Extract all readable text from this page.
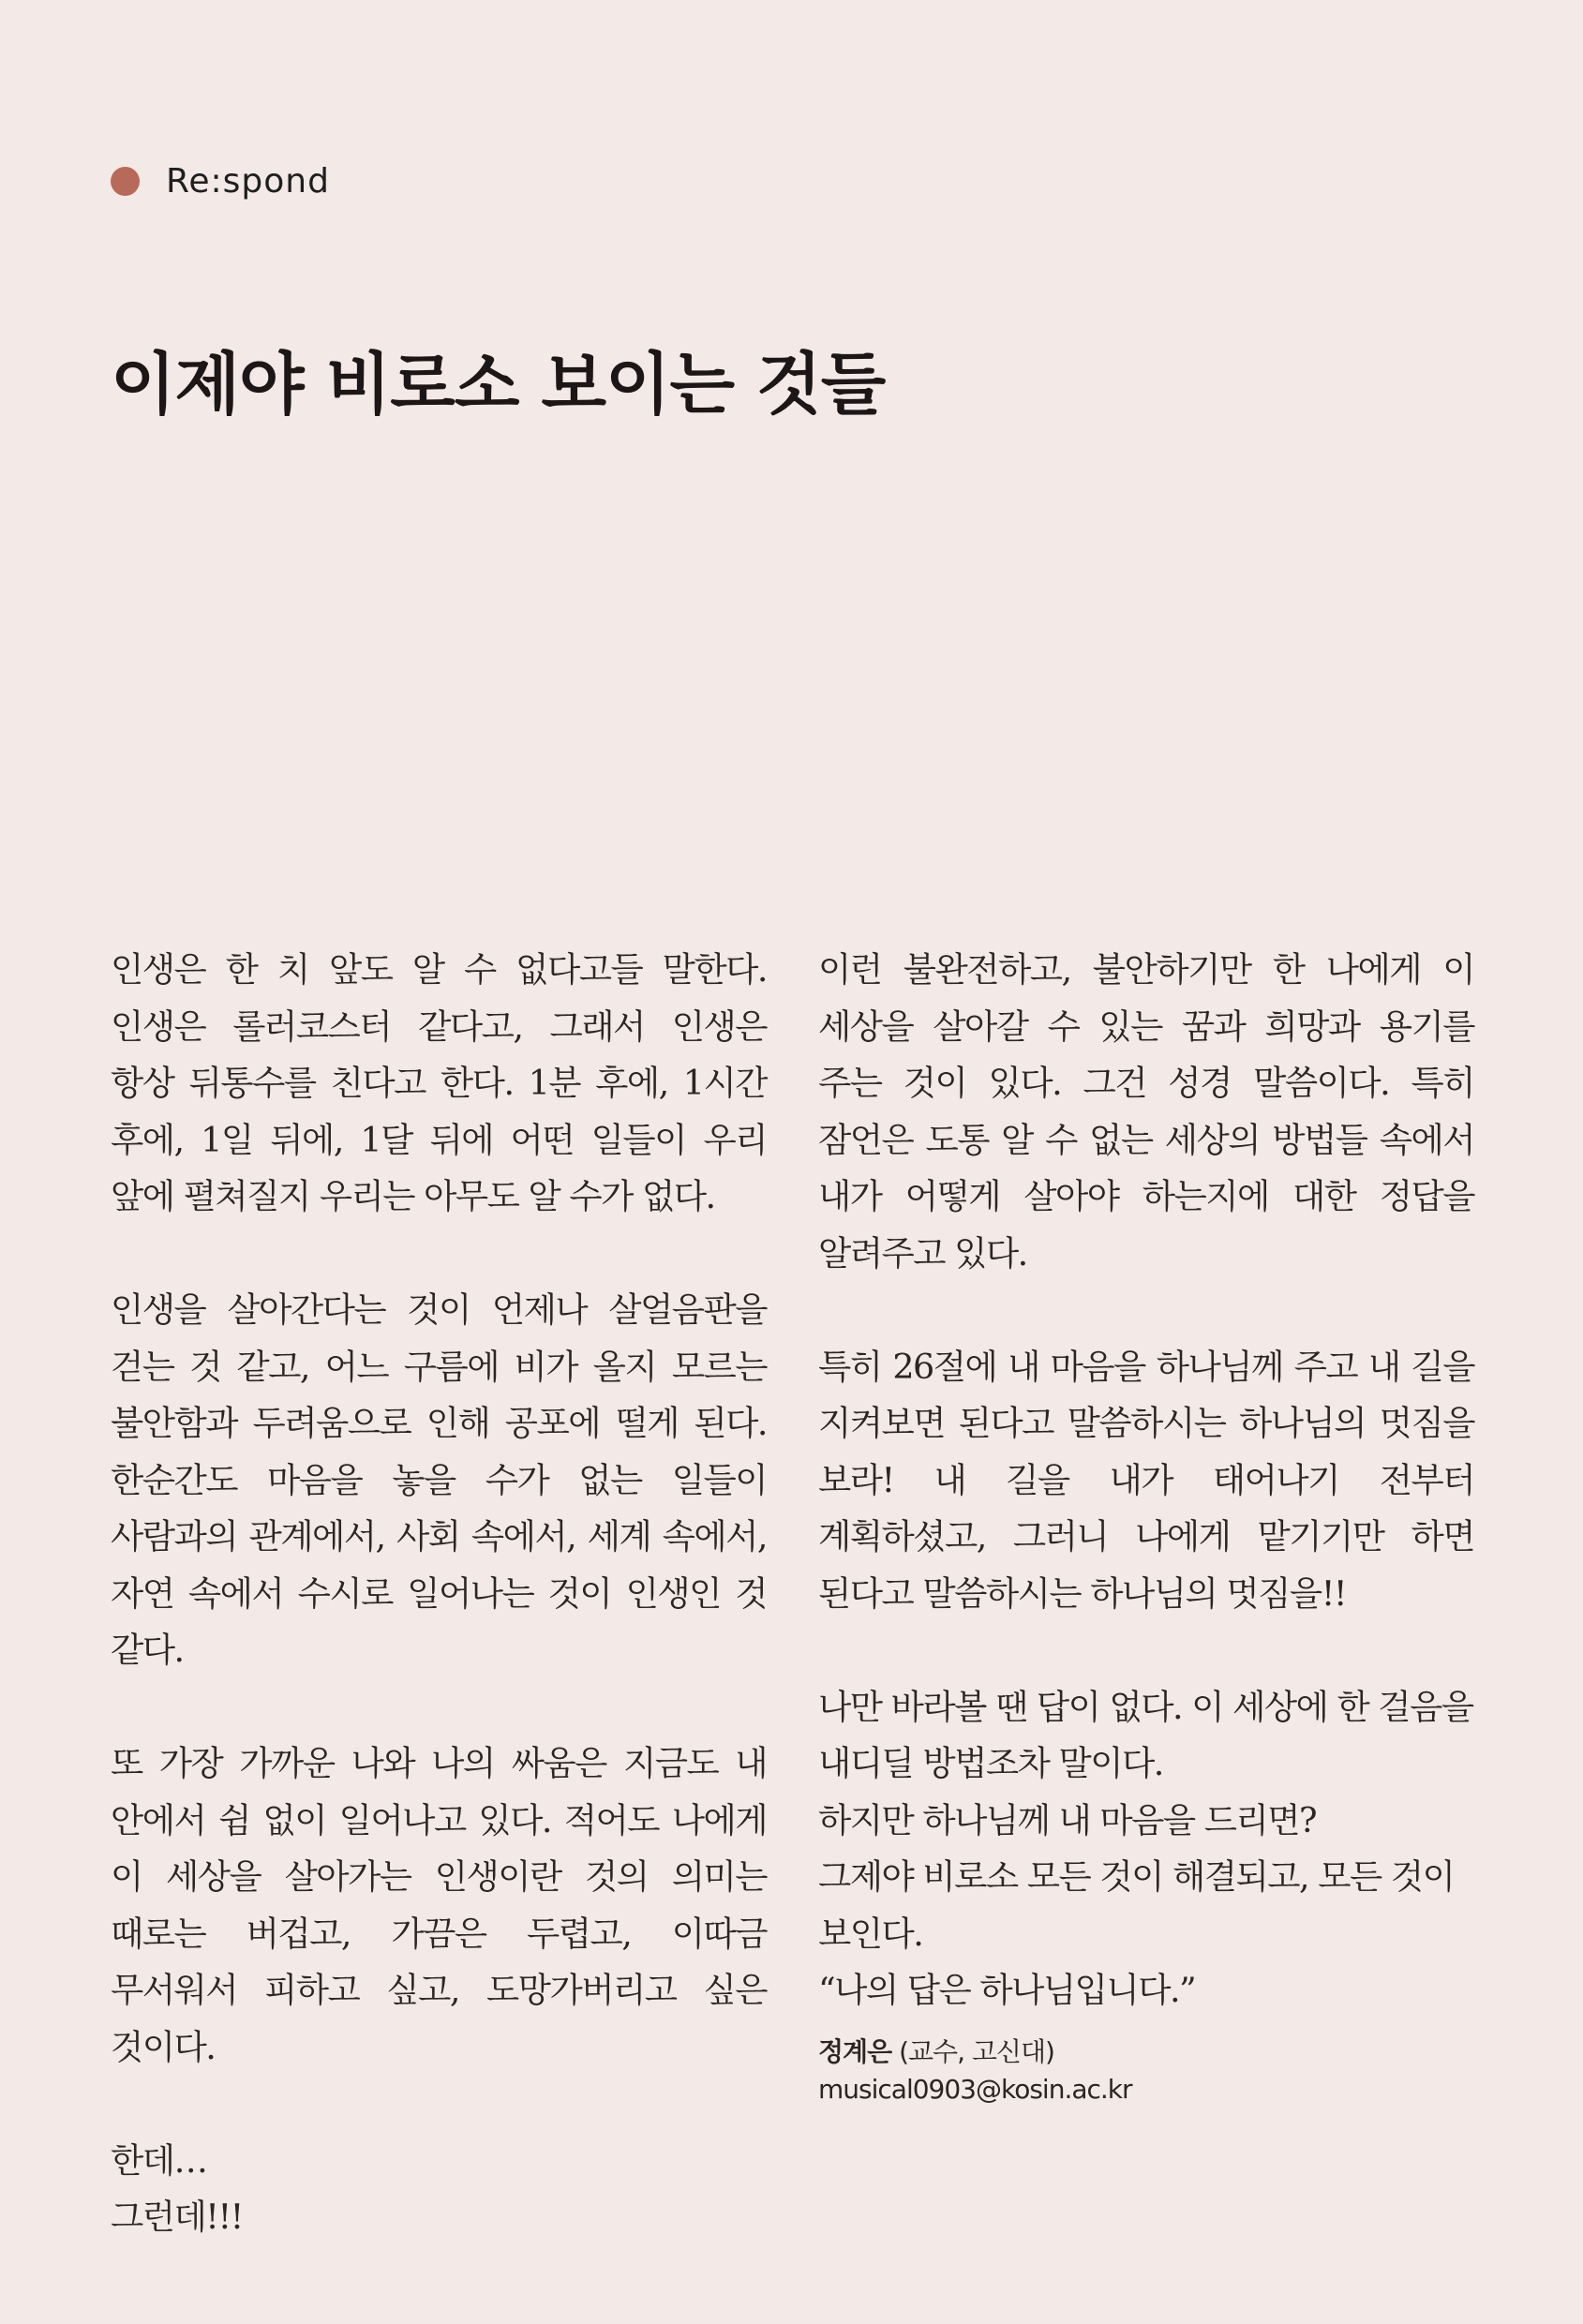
Re:spond
이제야 비로소 보이는 것들

인생은 한 치 앞도 알 수 없다고들 말한다. 인생은 롤러코스터 같다고, 그래서 인생은 항상 뒤통수를 친다고 한다. 1분 후에, 1시간 후에, 1일 뒤에, 1달 뒤에 어떤 일들이 우리 앞에 펼쳐질지 우리는 아무도 알 수가 없다.

인생을 살아간다는 것이 언제나 살얼음판을 걷는 것 같고, 어느 구름에 비가 올지 모르는 불안함과 두려움으로 인해 공포에 떨게 된다. 한순간도 마음을 놓을 수가 없는 일들이 사람과의 관계에서, 사회 속에서, 세계 속에서, 자연 속에서 수시로 일어나는 것이 인생인 것 같다.

또 가장 가까운 나와 나의 싸움은 지금도 내 안에서 쉼 없이 일어나고 있다. 적어도 나에게 이 세상을 살아가는 인생이란 것의 의미는 때로는 버겁고, 가끔은 두렵고, 이따금 무서워서 피하고 싶고, 도망가버리고 싶은 것이다.

한데…

그런데!!!

이런 불완전하고, 불안하기만 한 나에게 이 세상을 살아갈 수 있는 꿈과 희망과 용기를 주는 것이 있다. 그건 성경 말씀이다. 특히 잠언은 도통 알 수 없는 세상의 방법들 속에서 내가 어떻게 살아야 하는지에 대한 정답을 알려주고 있다.

특히 26절에 내 마음을 하나님께 주고 내 길을 지켜보면 된다고 말씀하시는 하나님의 멋짐을 보라! 내 길을 내가 태어나기 전부터 계획하셨고, 그러니 나에게 맡기기만 하면 된다고 말씀하시는 하나님의 멋짐을!!

나만 바라볼 땐 답이 없다. 이 세상에 한 걸음을 내디딜 방법조차 말이다.

하지만 하나님께 내 마음을 드리면?

그제야 비로소 모든 것이 해결되고, 모든 것이 보인다.

“나의 답은 하나님입니다.”

정계은 (교수, 고신대)
musical0903@kosin.ac.kr
